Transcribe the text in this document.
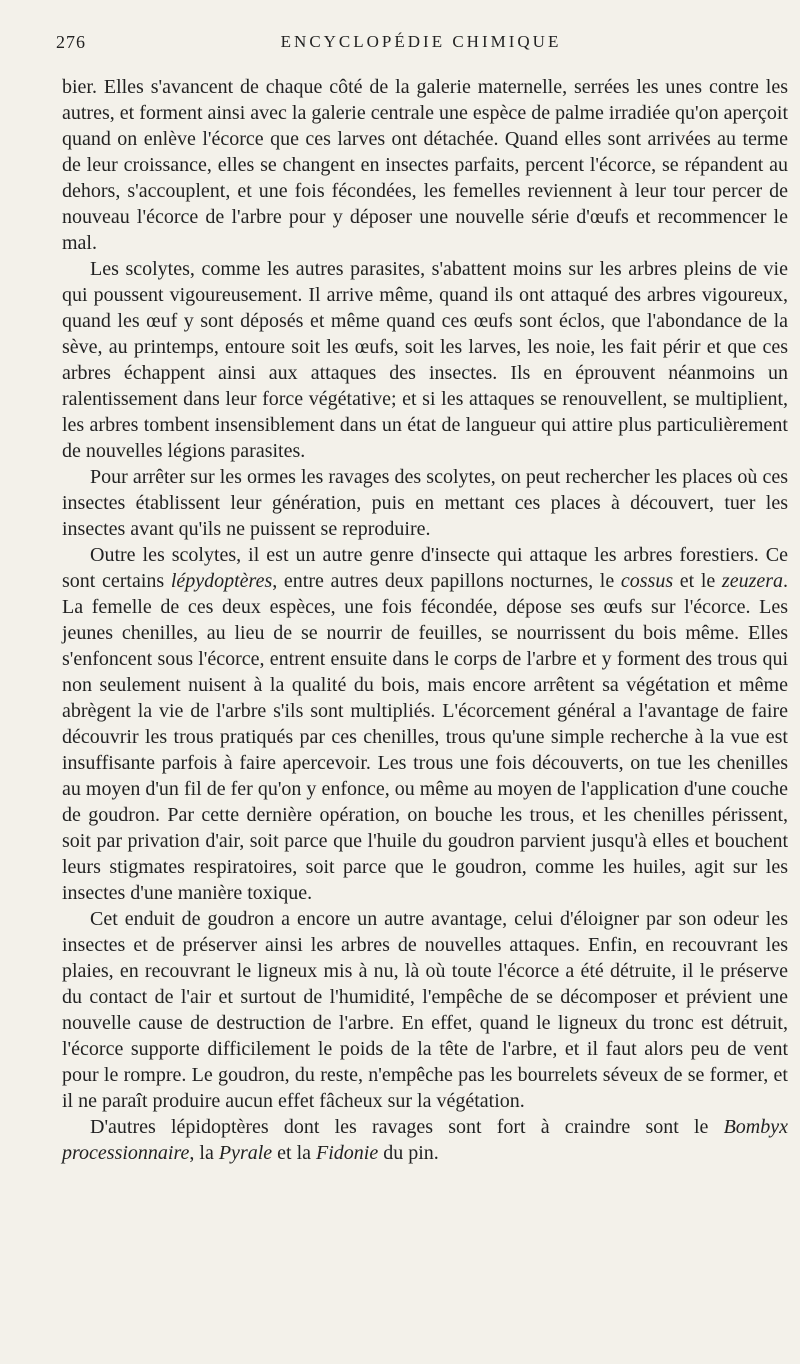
276	ENCYCLOPÉDIE CHIMIQUE

bier. Elles s'avancent de chaque côté de la galerie maternelle, serrées les unes contre les autres, et forment ainsi avec la galerie centrale une espèce de palme irradiée qu'on aperçoit quand on enlève l'écorce que ces larves ont détachée. Quand elles sont arrivées au terme de leur croissance, elles se changent en insectes parfaits, percent l'écorce, se répandent au dehors, s'accouplent, et une fois fécondées, les femelles reviennent à leur tour percer de nouveau l'écorce de l'arbre pour y déposer une nouvelle série d'œufs et recommencer le mal.

Les scolytes, comme les autres parasites, s'abattent moins sur les arbres pleins de vie qui poussent vigoureusement. Il arrive même, quand ils ont attaqué des arbres vigoureux, quand les œuf y sont déposés et même quand ces œufs sont éclos, que l'abondance de la sève, au printemps, entoure soit les œufs, soit les larves, les noie, les fait périr et que ces arbres échappent ainsi aux attaques des insectes. Ils en éprouvent néanmoins un ralentissement dans leur force végétative; et si les attaques se renouvellent, se multiplient, les arbres tombent insensiblement dans un état de langueur qui attire plus particulièrement de nouvelles légions parasites.

Pour arrêter sur les ormes les ravages des scolytes, on peut rechercher les places où ces insectes établissent leur génération, puis en mettant ces places à découvert, tuer les insectes avant qu'ils ne puissent se reproduire.

Outre les scolytes, il est un autre genre d'insecte qui attaque les arbres forestiers. Ce sont certains lépydoptères, entre autres deux papillons nocturnes, le cossus et le zeuzera. La femelle de ces deux espèces, une fois fécondée, dépose ses œufs sur l'écorce. Les jeunes chenilles, au lieu de se nourrir de feuilles, se nourrissent du bois même. Elles s'enfoncent sous l'écorce, entrent ensuite dans le corps de l'arbre et y forment des trous qui non seulement nuisent à la qualité du bois, mais encore arrêtent sa végétation et même abrègent la vie de l'arbre s'ils sont multipliés. L'écorcement général a l'avantage de faire découvrir les trous pratiqués par ces chenilles, trous qu'une simple recherche à la vue est insuffisante parfois à faire apercevoir. Les trous une fois découverts, on tue les chenilles au moyen d'un fil de fer qu'on y enfonce, ou même au moyen de l'application d'une couche de goudron. Par cette dernière opération, on bouche les trous, et les chenilles périssent, soit par privation d'air, soit parce que l'huile du goudron parvient jusqu'à elles et bouchent leurs stigmates respiratoires, soit parce que le goudron, comme les huiles, agit sur les insectes d'une manière toxique.

Cet enduit de goudron a encore un autre avantage, celui d'éloigner par son odeur les insectes et de préserver ainsi les arbres de nouvelles attaques. Enfin, en recouvrant les plaies, en recouvrant le ligneux mis à nu, là où toute l'écorce a été détruite, il le préserve du contact de l'air et surtout de l'humidité, l'empêche de se décomposer et prévient une nouvelle cause de destruction de l'arbre. En effet, quand le ligneux du tronc est détruit, l'écorce supporte difficilement le poids de la tête de l'arbre, et il faut alors peu de vent pour le rompre. Le goudron, du reste, n'empêche pas les bourrelets séveux de se former, et il ne paraît produire aucun effet fâcheux sur la végétation.

D'autres lépidoptères dont les ravages sont fort à craindre sont le Bombyx processionnaire, la Pyrale et la Fidonie du pin.
